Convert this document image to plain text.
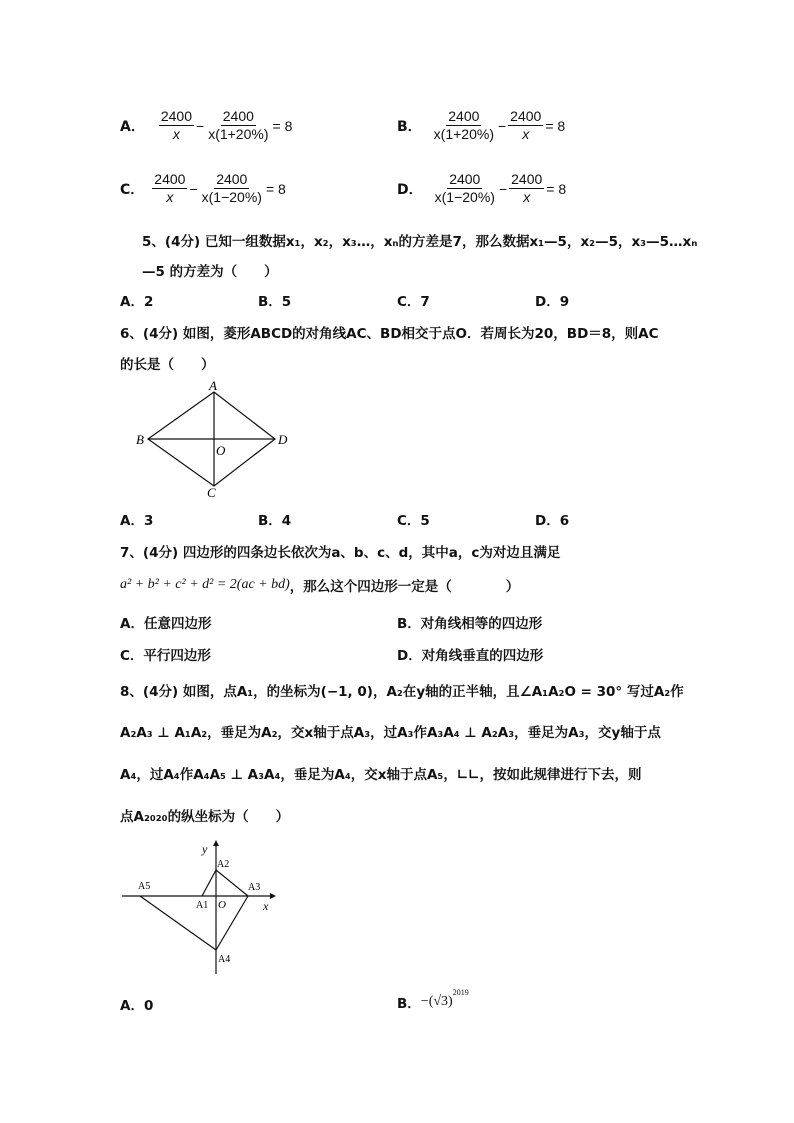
A． $\frac{2400}{x} - \frac{2400}{x(1+20\%)} = 8$	B． $\frac{2400}{x(1+20\%)} - \frac{2400}{x} = 8$
C． $\frac{2400}{x} - \frac{2400}{x(1-20\%)} = 8$	D． $\frac{2400}{x(1-20\%)} - \frac{2400}{x} = 8$
5、(4分) 已知一组数据x₁，x₂，x₃…，xₙ的方差是7，那么数据x₁—5，x₂—5，x₃—5…xₙ
—5 的方差为（　　）
A．2	B．5	C．7	D．9
6、(4分) 如图，菱形ABCD的对角线AC、BD相交于点O．若周长为20，BD＝8，则AC
的长是（　　）
A
B
C
D
O
A．3	B．4	C．5	D．6
7、(4分) 四边形的四条边长依次为a、b、c、d，其中a，c为对边且满足
a² + b² + c² + d² = 2(ac + bd) ，那么这个四边形一定是（　　　　）
A．任意四边形	B．对角线相等的四边形
C．平行四边形	D．对角线垂直的四边形
8、(4分) 如图，点A₁，的坐标为(−1, 0)，A₂在y轴的正半轴，且∠A₁A₂O = 30° 写过A₂作
A₂A₃ ⊥ A₁A₂，垂足为A₂，交x轴于点A₃，过A₃作A₃A₄ ⊥ A₂A₃，垂足为A₃，交y轴于点
A₄，过A₄作A₄A₅ ⊥ A₃A₄，垂足为A₄，交x轴于点A₅，∟∟，按如此规律进行下去，则
点A₂₀₂₀的纵坐标为（　　）
y
x
A2
A3
A5
A1 O
A4
A．0	B． −(√3)
2019
